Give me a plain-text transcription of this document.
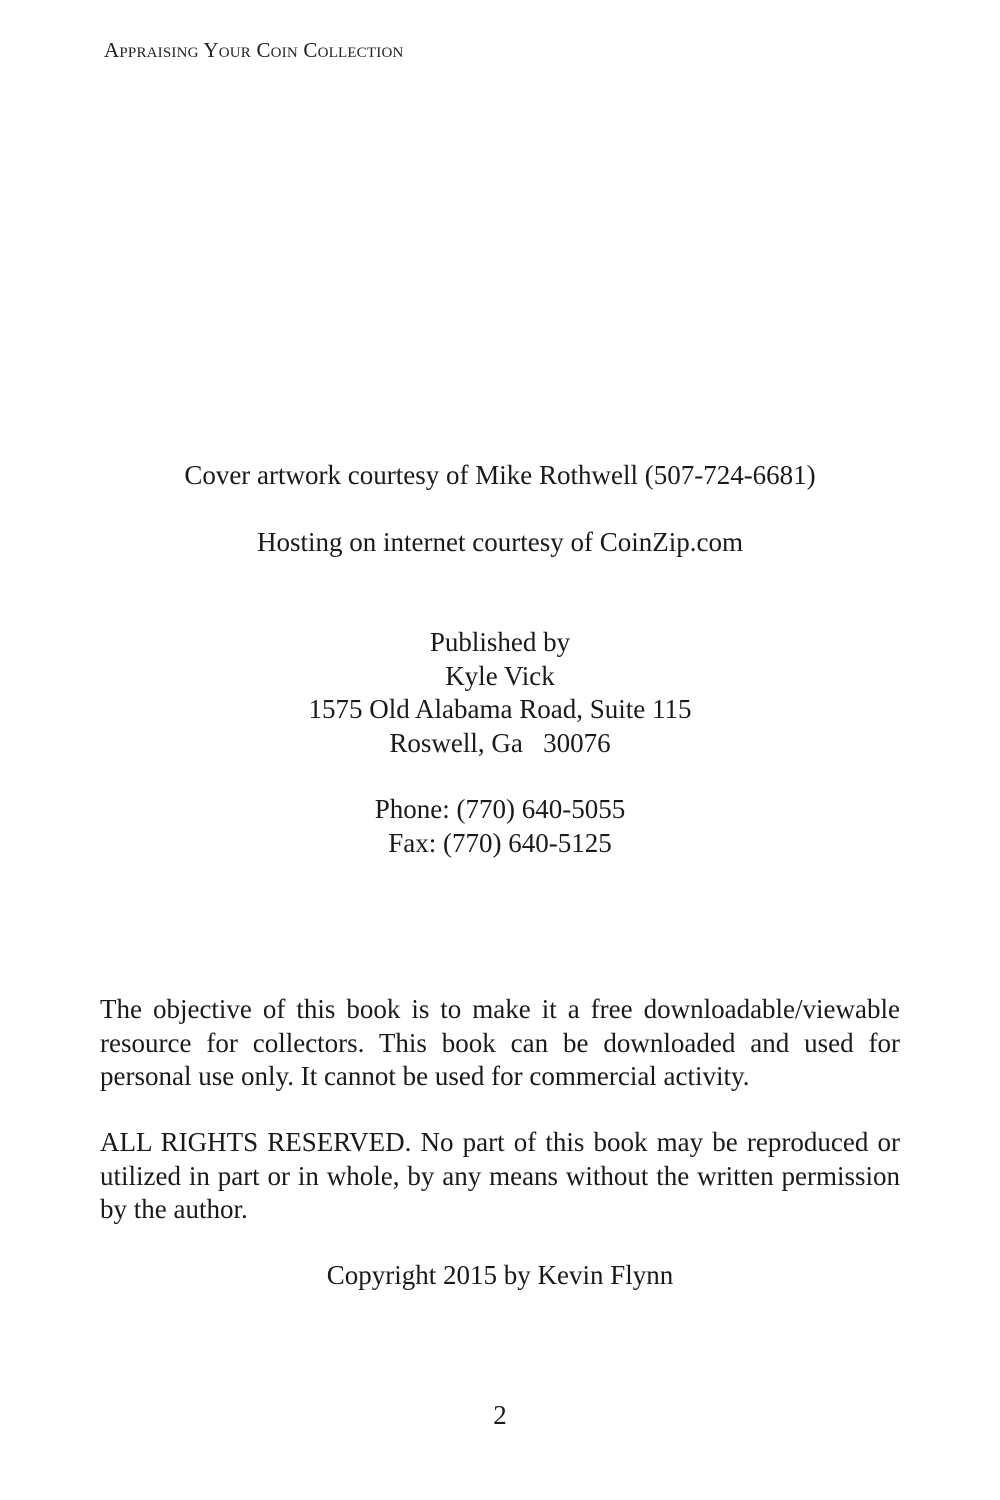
Appraising Your Coin Collection
Cover artwork courtesy of Mike Rothwell (507-724-6681)
Hosting on internet courtesy of CoinZip.com
Published by
Kyle Vick
1575 Old Alabama Road, Suite 115
Roswell, Ga   30076
Phone: (770) 640-5055
Fax: (770) 640-5125
The objective of this book is to make it a free downloadable/viewable resource for collectors. This book can be downloaded and used for personal use only. It cannot be used for commercial activity.
ALL RIGHTS RESERVED. No part of this book may be reproduced or utilized in part or in whole, by any means without the written permission by the author.
Copyright 2015 by Kevin Flynn
2
